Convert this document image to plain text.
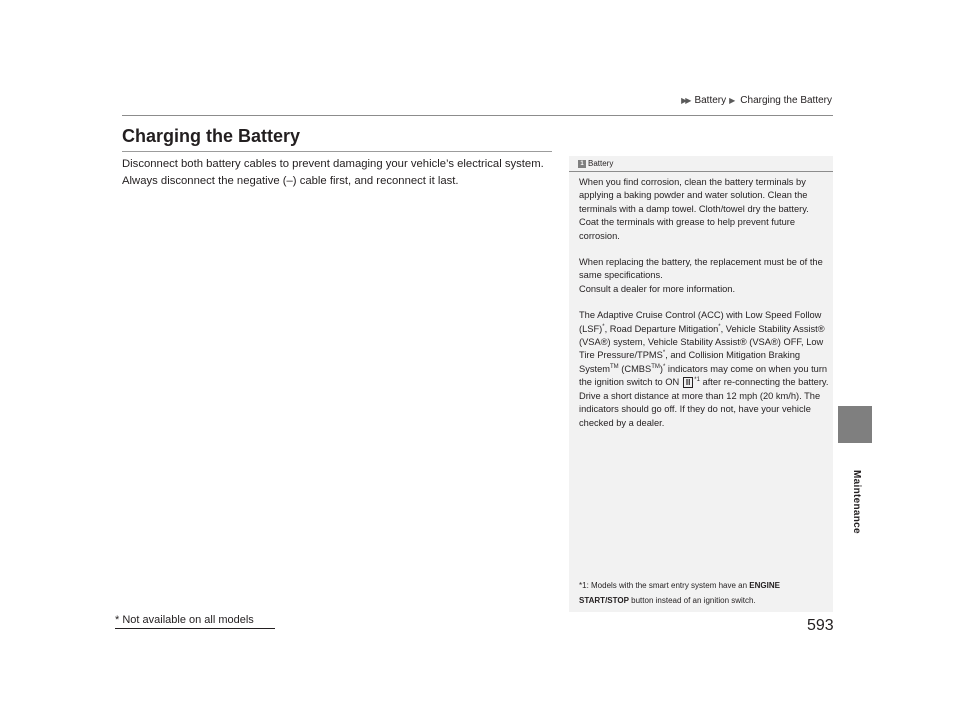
▶▶ Battery ▶ Charging the Battery
Maintenance
Charging the Battery

Disconnect both battery cables to prevent damaging your vehicle’s electrical system.

Always disconnect the negative (–) cable first, and reconnect it last.

1 Battery

When you find corrosion, clean the battery terminals by applying a baking powder and water solution. Clean the terminals with a damp towel. Cloth/towel dry the battery. Coat the terminals with grease to help prevent future corrosion.

When replacing the battery, the replacement must be of the same specifications.
Consult a dealer for more information.

The Adaptive Cruise Control (ACC) with Low Speed Follow (LSF)*, Road Departure Mitigation*, Vehicle Stability Assist® (VSA®) system, Vehicle Stability Assist® (VSA®) OFF, Low Tire Pressure/TPMS*, and Collision Mitigation Braking System™ (CMBS™)* indicators may come on when you turn the ignition switch to ON II $^{*1}$ after re-connecting the battery. Drive a short distance at more than 12 mph (20 km/h). The indicators should go off. If they do not, have your vehicle checked by a dealer.

*1: Models with the smart entry system have an ENGINE START/STOP button instead of an ignition switch.
* Not available on all models	593
